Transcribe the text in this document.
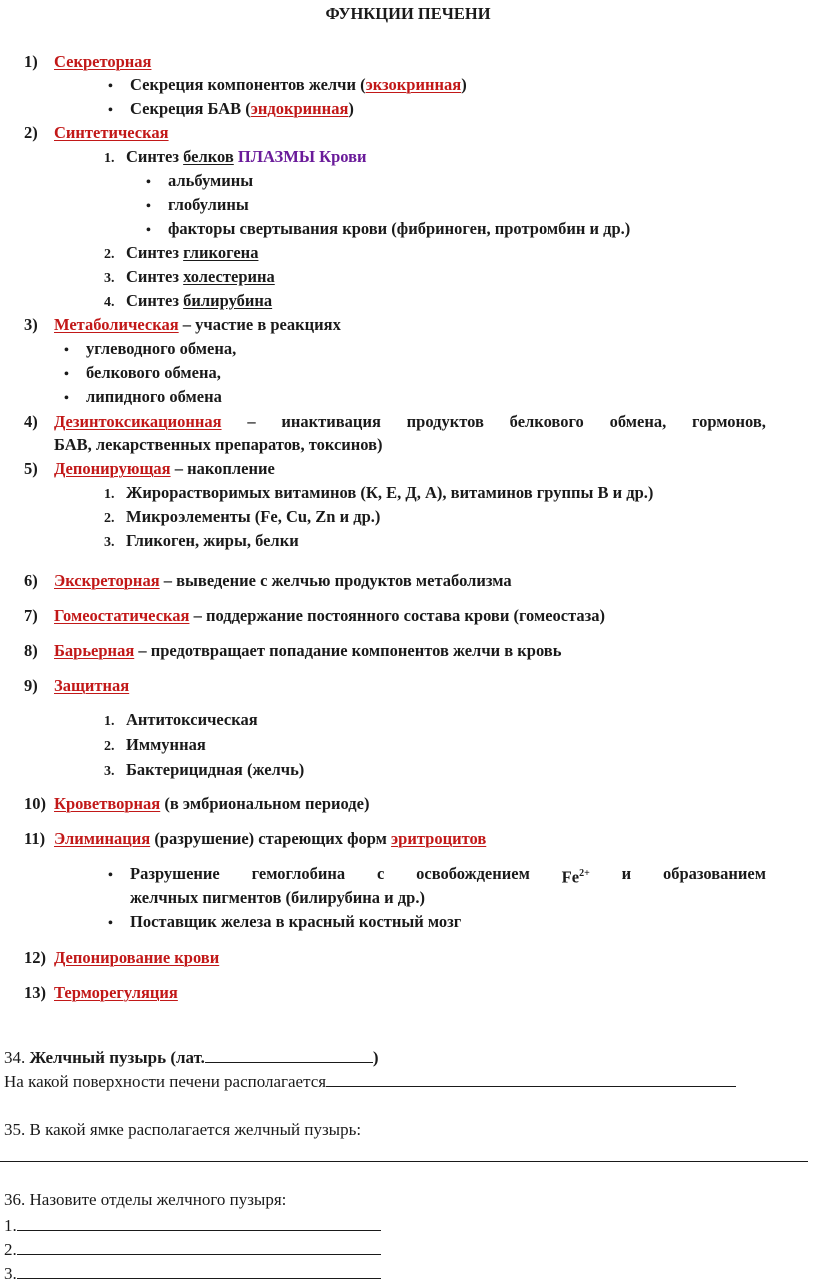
ФУНКЦИИ ПЕЧЕНИ
1) Секреторная
• Секреция компонентов желчи (экзокринная)
• Секреция БАВ (эндокринная)
2) Синтетическая
1. Синтез белков ПЛАЗМЫ Крови
• альбумины
• глобулины
• факторы свертывания крови (фибриноген, протромбин и др.)
2. Синтез гликогена
3. Синтез холестерина
4. Синтез билирубина
3) Метаболическая – участие в реакциях
• углеводного обмена,
• белкового обмена,
• липидного обмена
4) Дезинтоксикационная – инактивация продуктов белкового обмена, гормонов,
БАВ, лекарственных препаратов, токсинов)
5) Депонирующая – накопление
1. Жирорастворимых витаминов (К, Е, Д, А), витаминов группы В и др.)
2. Микроэлементы (Fe, Cu, Zn и др.)
3. Гликоген, жиры, белки
6) Экскреторная – выведение с желчью продуктов метаболизма
7) Гомеостатическая – поддержание постоянного состава крови (гомеостаза)
8) Барьерная – предотвращает попадание компонентов желчи в кровь
9) Защитная
1. Антитоксическая
2. Иммунная
3. Бактерицидная (желчь)
10) Кроветворная (в эмбриональном периоде)
11) Элиминация (разрушение) стареющих форм эритроцитов
• Разрушение гемоглобина с освобождением $Fe^{2+}$ и образованием
желчных пигментов (билирубина и др.)
• Поставщик железа в красный костный мозг
12) Депонирование крови
13) Терморегуляция
34. Желчный пузырь (лат.	)
На какой поверхности печени располагается
35. В какой ямке располагается желчный пузырь:
36. Назовите отделы желчного пузыря:
1.
2.
3.
